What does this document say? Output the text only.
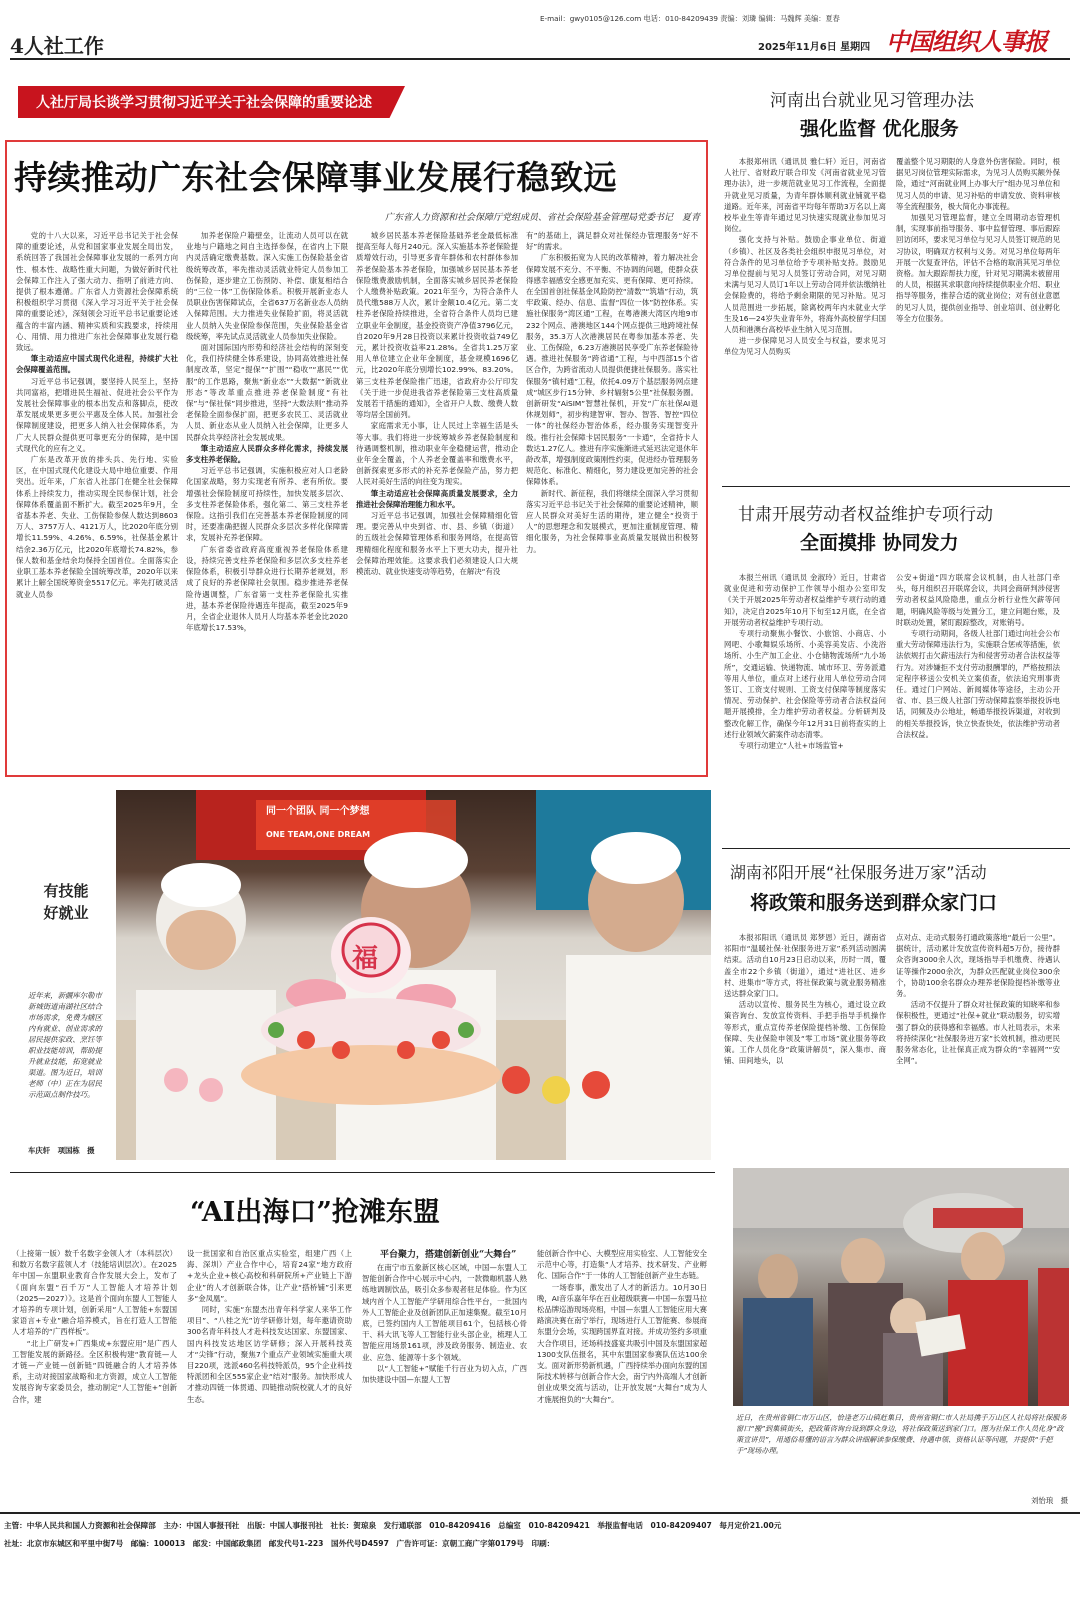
E-mail：gwy0105@126.com 电话：010-84209439 责编：刘璘 编辑：马魏辉 美编：夏春
4人社工作	2025年11月6日 星期四 中国组织人事报
人社厅局长谈学习贯彻习近平关于社会保障的重要论述
持续推动广东社会保障事业发展行稳致远
广东省人力资源和社会保障厅党组成员、省社会保险基金管理局党委书记　夏青

党的十八大以来，习近平总书记关于社会保障的重要论述，从党和国家事业发展全局出发，系统回答了我国社会保障事业发展的一系列方向性、根本性、战略性重大问题，为做好新时代社会保障工作注入了强大动力、指明了前进方向、提供了根本遵循。广东省人力资源社会保障系统积极组织学习贯彻《深入学习习近平关于社会保障的重要论述》，深刻领会习近平总书记重要论述蕴含的丰富内涵、精神实质和实践要求，持续用心、用情、用力推进广东社会保障事业发展行稳致远。

筆主动适应中国式现代化进程，持续扩大社会保障覆盖范围。

习近平总书记强调，要坚持人民至上，坚持共同富裕，把增进民生福祉、促进社会公平作为发展社会保障事业的根本出发点和落脚点，使改革发展成果更多更公平惠及全体人民。加强社会保障制度建设，把更多人纳入社会保障体系，为广大人民群众提供更可靠更充分的保障，是中国式现代化的应有之义。

广东是改革开放的排头兵、先行地、实验区，在中国式现代化建设大局中地位重要、作用突出。近年来，广东省人社部门在健全社会保障体系上持续发力，推动实现全民参保计划，社会保障体系覆盖面不断扩大。截至2025年9月，全省基本养老、失业、工伤保险参保人数达到8603万人、3757万人、4121万人，比2020年底分别增长11.59%、4.26%、6.59%，社保基金累计结余2.36万亿元，比2020年底增长74.82%，参保人数和基金结余均保持全国首位。全面落实企业职工基本养老保险全国统筹改革，2020年以来累计上解全国统筹资金5517亿元。率先打破灵活就业人员参

加养老保险户籍壁垒，让流动人员可以在就业地与户籍地之间自主选择参保，在省内上下限内灵活确定缴费基数。深入实施工伤保险基金省级统筹改革，率先推动灵活就业特定人员参加工伤保险，逐步建立工伤预防、补偿、康复相结合的“三位一体”工伤保险体系。积极开展新业态人员职业伤害保障试点，全省637万名新业态人员纳入保障范围。大力推进失业保险扩面，将灵活就业人员纳入失业保险参保范围，失业保险基金省级统筹，率先试点灵活就业人员参加失业保险。

面对国际国内形势和经济社会结构的深刻变化，我们持续健全体系建设，协同高效推进社保制度改革，坚定“提保”“扩围”“稳收”“惠民”“优服”的工作思路，聚焦“新业态”“大数据”“新就业形态”等改革重点推进养老保险制度“有社保”与“保社保”同步推进，坚持“大数法则”推动养老保险全面参保扩面，把更多农民工、灵活就业人员、新业态从业人员纳入社会保障，让更多人民群众共享经济社会发展成果。

筆主动适应人民群众多样化需求，持续发展多支柱养老保险。

习近平总书记强调，实施积极应对人口老龄化国家战略，努力实现老有所养、老有所依。要增强社会保险制度可持续性，加快发展多层次、多支柱养老保险体系，强化第二、第三支柱养老保险。这指引我们在完善基本养老保险制度的同时，还要准确把握人民群众多层次多样化保障需求，发展补充养老保障。

广东省委省政府高度重视养老保险体系建设，持续完善支柱养老保险和多层次多支柱养老保险体系，积极引导群众进行长期养老规划，形成了良好的养老保障社会氛围。稳步推进养老保险待遇调整，广东省第一支柱养老保险扎实推进，基本养老保险待遇连年提高，截至2025年9月，全省企业退休人员月人均基本养老金比2020年底增长17.53%，

城乡居民基本养老保险基础养老金最低标准提高至每人每月240元。深入实施基本养老保险提质增效行动，引导更多青年群体和农村群体参加养老保险基本养老保险，加强城乡居民基本养老保险缴费激励机制，全面落实城乡居民养老保险个人缴费补贴政策。2021年至今，为符合条件人员代缴588万人次，累计金额10.4亿元。第二支柱养老保险持续推进，全省符合条件人员均已建立职业年金制度，基金投资资产净值3796亿元，自2020年9月28日投资以来累计投资收益749亿元，累计投资收益率21.28%。全省共1.25万家用人单位建立企业年金制度，基金规模1696亿元，比2020年底分别增长102.99%、83.20%。第三支柱养老保险推广迅速，省政府办公厅印发《关于进一步促进我省养老保险第三支柱高质量发展若干措施的通知》，全省开户人数、缴费人数等均居全国前列。

家庭需求无小事，让人民过上幸福生活是头等大事。我们将进一步统筹城乡养老保险制度和待遇调整机制，推动职业年金稳健运营，推动企业年金全覆盖，个人养老金覆盖率和缴费水平，创新探索更多形式的补充养老保险产品，努力把人民对美好生活的向往变为现实。

筆主动适应社会保障高质量发展要求，全力推进社会保障治理能力和水平。

习近平总书记强调，加强社会保障精细化管理。要完善从中央到省、市、县、乡镇（街道）的五级社会保障管理体系和服务网络，在提高管理精细化程度和服务水平上下更大功夫，提升社会保障治理效能。这要求我们必须建设人口大规模流动、就业快速变动等趋势，在解决“有没

有”的基础上，满足群众对社保经办管理服务“好不好”的需求。

广东积极拓宽为人民的改革精神，着力解决社会保障发展不充分、不平衡、不协调的问题，使群众获得感幸福感安全感更加充实、更有保障、更可持续。在全国首创社保基金风险防控“清数”“筑墙”行动，筑牢政策、经办、信息、监督“四位一体”防控体系。实施社保服务“湾区通”工程，在粤港澳大湾区内地9市232个网点、港澳地区144个网点提供三地跨境社保服务，35.3万人次港澳居民在粤参加基本养老、失业、工伤保险，6.23万港澳居民享受广东养老保险待遇。推进社保服务“跨省通”工程，与中西部15个省区合作，为跨省流动人员提供便捷社保服务。落实社保服务“镇村通”工程，依托4.09万个基层服务网点建成“城区步行15分钟、乡村辐射5公里”社保服务圈。创新研发“AiSIM”智慧社保机，开发“广东社保AI退休规划师”，初步构建智审、智办、智答、智控“四位一体”的社保经办智治体系，经办服务实现智变升级。推行社会保障卡居民服务“一卡通”，全省持卡人数达1.27亿人。推进有序实施渐进式延迟法定退休年龄改革，增强制度政策刚性约束，促进经办管理服务规范化、标准化、精细化，努力建设更加完善的社会保障体系。

新时代、新征程，我们将继续全面深入学习贯彻落实习近平总书记关于社会保障的重要论述精神，顺应人民群众对美好生活的期待，建立健全“投资于人”的思想理念和发展模式，更加注重制度管理、精细化服务，为社会保障事业高质量发展做出积极努力。

同一个团队 同一个梦想
ONE TEAM,ONE DREAM
福
有技能
好就业
近年来，新疆库尔勒市新城街道南湖社区结合市场需求，免费为辖区内有就业、创业需求的居民提供家政、烹饪等职业技能培训，帮助提升就业技能，拓宽就业渠道。图为近日，培训老师（中）正在为居民示范面点制作技巧。
车庆轩　项国栋　摄
河南出台就业见习管理办法
强化监督 优化服务

本报郑州讯（通讯员 雅仁轩）近日，河南省人社厅、省财政厅联合印发《河南省就业见习管理办法》，进一步规范就业见习工作流程，全面提升就业见习质量，为青年群体顺利就业铺就平稳道路。近年来，河南省平均每年帮助3万名以上离校毕业生等青年通过见习快速实现就业参加见习岗位。

强化支持与补贴。鼓励企事业单位、街道（乡镇）、社区及各类社会组织申报见习单位，对符合条件的见习单位给予专项补贴支持。鼓励见习单位提前与见习人员签订劳动合同，对见习期未满与见习人员订1年以上劳动合同并依法缴纳社会保险费的，将给予剩余期限的见习补贴。见习人员范围进一步拓展，除离校两年内未就业大学生及16—24岁失业青年外，将海外高校留学归国人员和港澳台高校毕业生纳入见习范围。

进一步保障见习人员安全与权益，要求见习单位为见习人员购买

覆盖整个见习期限的人身意外伤害保险。同时，根据见习岗位管理实际需求，为见习人员购买额外保险，通过“河南就业网上办事大厅”组办见习单位和见习人员的申请、见习补贴的申请发放、资料审核等全流程服务，极大简化办事流程。

加强见习管理监督，建立全周期动态管理机制，实现事前指导服务、事中监督管理、事后跟踪回访闭环，要求见习单位与见习人员签订规范的见习协议，明确双方权利与义务。对见习单位每两年开展一次复查评估，评估不合格的取消其见习单位资格。加大跟踪帮扶力度，针对见习期满未被留用的人员，根据其求职意向持续提供职业介绍、职业指导等服务，推荐合适的就业岗位；对有创业意愿的见习人员，提供创业指导、创业培训、创业孵化等全方位服务。

甘肃开展劳动者权益维护专项行动
全面摸排 协同发力

本报兰州讯（通讯员 金淑玲）近日，甘肃省就业促进和劳动保护工作领导小组办公室印发《关于开展2025年劳动者权益维护专项行动的通知》，决定自2025年10月下旬至12月底，在全省开展劳动者权益维护专项行动。

专项行动聚焦小餐饮、小旅馆、小商店、小网吧、小歌舞娱乐场所、小美容美发店、小洗浴场所、小生产加工企业、小仓储物流场所“九小场所”，交通运输、快递物流、城市环卫、劳务派遣等用人单位，重点对上述行业用人单位劳动合同签订、工资支付规则、工资支付保障等制度落实情况、劳动保护、社会保险等劳动者合法权益问题开展摸排，全力维护劳动者权益。分析研判及整改化解工作，确保今年12月31日前将查实的上述行业领域欠薪案件动态清零。

专项行动建立“人社+市场监管+

公安+街道”四方联席会议机制，由人社部门牵头，每月组织召开联席会议，共同会商研判涉侵害劳动者权益风险隐患，重点分析行业性欠薪等问题，明确风险等级与处置分工，建立问题台账，及时联动处置，紧盯跟踪整改，对账销号。

专项行动期间，各级人社部门通过向社会公布重大劳动保障违法行为，实施联合惩戒等措施，依法依规打击欠薪违法行为和侵害劳动者合法权益等行为。对涉嫌拒不支付劳动报酬罪的，严格按照法定程序移送公安机关立案侦查，依法追究刑事责任。通过门户网站、新闻媒体等途径，主动公开省、市、县三级人社部门劳动保障监察举报投诉电话，同频及办公地址，畅通举报投诉渠道，对收到的相关举报投诉，快立快查快处，依法维护劳动者合法权益。

湖南祁阳开展“社保服务进万家”活动
将政策和服务送到群众家门口

本报祁阳讯（通讯员 郑梦恩）近日，湖南省祁阳市“温暖社保·社保服务进万家”系列活动圆满结束。活动自10月23日启动以来，历时一周，覆盖全市22个乡镇（街道），通过“进社区、进乡村、进集市”等方式，将社保政策与就业服务精准送达群众家门口。

活动以宣传、服务民生为核心，通过设立政策咨询台、发放宣传资料、手把手指导手机操作等形式，重点宣传养老保险提档补缴、工伤保险保障、失业保险申领及“零工市场”就业服务等政策。工作人员化身“政策讲解员”，深入集市、商铺、田间地头，以

点对点、走动式服务打通政策落地“最后一公里”。据统计，活动累计发放宣传资料超5万份，接待群众咨询3000余人次，现场指导手机缴费、待遇认证等操作2000余次，为群众匹配就业岗位300余个，协助100余名群众办理养老保险提档补缴等业务。

活动不仅提升了群众对社保政策的知晓率和参保积极性，更通过“社保+就业”联动服务，切实增强了群众的获得感和幸福感。市人社局表示，未来将持续深化“社保服务进万家”长效机制，推动更民服务常态化，让社保真正成为群众的“幸福网”“安全网”。

“AI出海口”抢滩东盟

（上接第一版）数千名数字金领人才（本科层次）和数万名数字蓝领人才（技能培训层次）。在2025年中国—东盟职业教育合作发展大会上，发布了《面向东盟“百千万”人工智能人才培养计划（2025—2027）》。这是首个面向东盟人工智能人才培养的专项计划，创新采用“人工智能+东盟国家语言+专业”融合培养模式，旨在打造人工智能人才培养的“广西样板”。

“北上广研发+广西集成+东盟应用”是广西人工智能发展的新路径。全区积极构建“教育链—人才链—产业链—创新链”四链融合的人才培养体系，主动对接国家战略和北方资源，成立人工智能发展咨询专家委员会，推动制定“人工智能+”创新合作，建

设一批国家和自治区重点实验室，组建广西（上海、深圳）产业合作中心，培育24家“地方政府+龙头企业+核心高校和科研院所+产业链上下游企业”的人才创新联合体，让产业“搭桥铺”引来更多“金凤凰”。

同时，实施“东盟杰出青年科学家人来华工作项目”、“八桂之光”访学研修计划，每年邀请资助300名青年科技人才赴科技发达国家、东盟国家、国内科技发达地区访学研修；深入开展科技英才“尖锋”行动，聚焦7个重点产业领域实施重大项目220项，选派460名科技特派员，95个企业科技特派团和全区555家企业“结对”服务。加快形成人才推动四链一体贯通、四链推动院校就人才的良好生态。

平台聚力，搭建创新创业“大舞台”

在南宁市五象新区核心区域，中国—东盟人工智能创新合作中心展示中心内，一款微咖机器人熟练地调制饮品，吸引众多参观者驻足体验。作为区域内首个人工智能产学研用综合性平台，一批国内外人工智能企业及创新团队正加速集聚。截至10月底，已签约国内人工智能项目61个，包括核心骨干、科大讯飞等人工智能行业头部企业，梳理人工智能应用场景161项，涉及政务服务、制造业、农业、应急、能源等十多个领域。

以“人工智能+”赋能千行百业为切入点，广西加快建设中国—东盟人工智

能创新合作中心、大模型应用实验室、人工智能安全示范中心等，打造集“人才培养、技术研发、产业孵化、国际合作”于一体的人工智能创新产业生态链。

一场春事，激发出了人才的新活力。10月30日晚，AI音乐嘉年华在百业超级联赛—中国—东盟马拉松品牌巡游现场亮相，中国—东盟人工智能应用大赛路演决赛在南宁举行，现场进行人工智能赛、参展商东盟分会场，实现跨国界直对接。并成功签约多项重大合作项目，还场科技盛宴共吸引中国及东盟国家超1300支队伍报名，其中东盟国家参赛队伍达100余支。面对新形势新机遇，广西持续举办面向东盟的国际技术转移与创新合作大会，南宁内外高端人才创新创业成果交流与活动，让开放发展“大舞台”成为人才施展抱负的“大舞台”。

近日，在贵州省铜仁市万山区，恰逢老万山镇赶集日，贵州省铜仁市人社局携手万山区人社局将社保服务窗口“搬”到集镇街头，把政策咨询台设到群众身边，将社保政策送到家门口。图为社保工作人员化身“政策宣讲员”，用通俗易懂的语言为群众讲细解读参保缴费、待遇申领、资格认证等问题，并提供“手把手”现场办理。
刘怡琅　摄
主管：中华人民共和国人力资源和社会保障部　主办：中国人事报刊社　出版：中国人事报刊社　社长：贺琼泉　发行通联部　010-84209416　总编室　010-84209421　举报监督电话　010-84209407　每月定价21.00元
社址：北京市东城区和平里中街7号　邮编：100013　邮发：中国邮政集团　邮发代号1-223　国外代号D4597　广告许可证：京朝工商广字第0179号　印刷：
